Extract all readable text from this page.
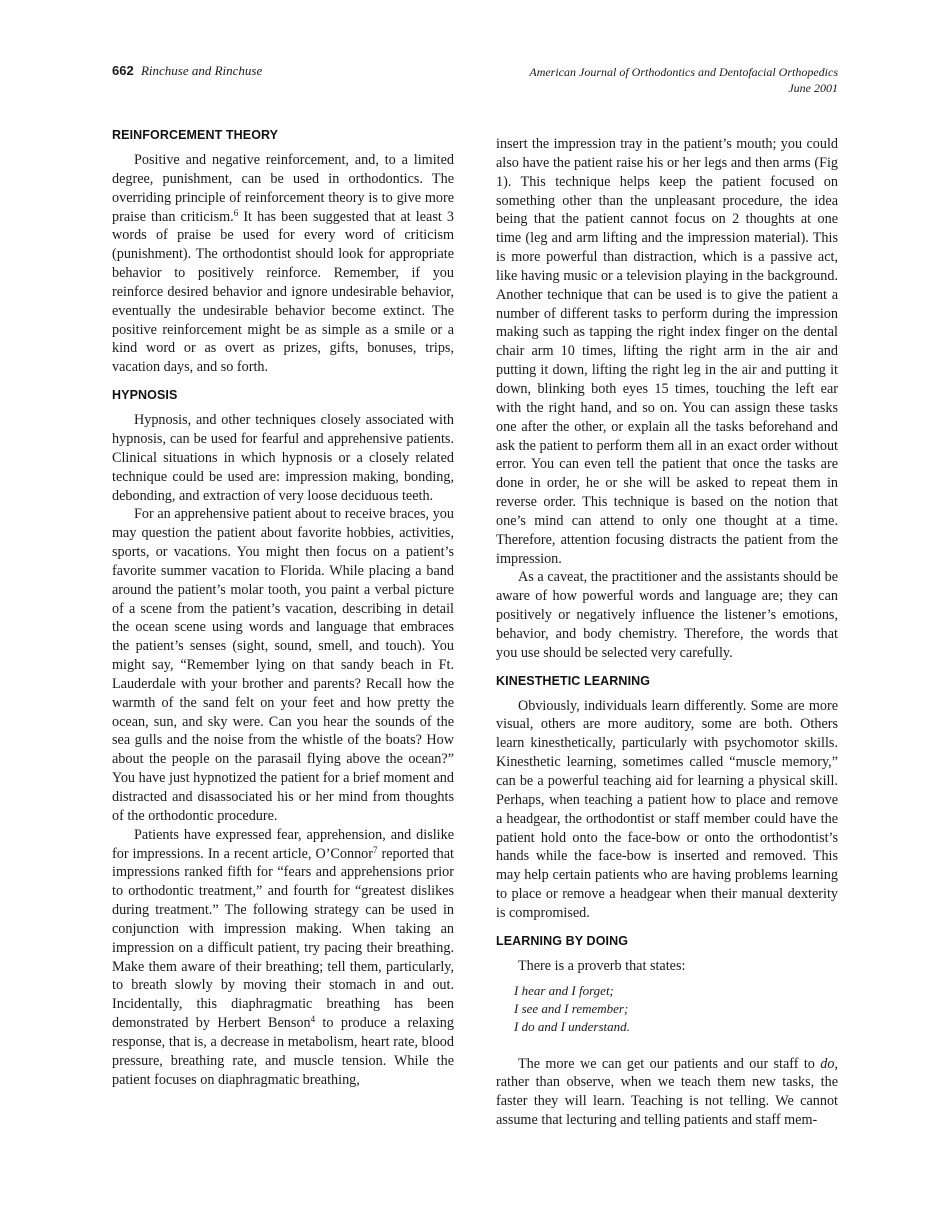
662 Rinchuse and Rinchuse	American Journal of Orthodontics and Dentofacial Orthopedics
June 2001
REINFORCEMENT THEORY

Positive and negative reinforcement, and, to a limited degree, punishment, can be used in orthodontics. The overriding principle of reinforcement theory is to give more praise than criticism.$^6$ It has been suggested that at least 3 words of praise be used for every word of criticism (punishment). The orthodontist should look for appropriate behavior to positively reinforce. Remember, if you reinforce desired behavior and ignore undesirable behavior, eventually the undesirable behavior become extinct. The positive reinforcement might be as simple as a smile or a kind word or as overt as prizes, gifts, bonuses, trips, vacation days, and so forth.

HYPNOSIS

Hypnosis, and other techniques closely associated with hypnosis, can be used for fearful and apprehensive patients. Clinical situations in which hypnosis or a closely related technique could be used are: impression making, bonding, debonding, and extraction of very loose deciduous teeth.

For an apprehensive patient about to receive braces, you may question the patient about favorite hobbies, activities, sports, or vacations. You might then focus on a patient’s favorite summer vacation to Florida. While placing a band around the patient’s molar tooth, you paint a verbal picture of a scene from the patient’s vacation, describing in detail the ocean scene using words and language that embraces the patient’s senses (sight, sound, smell, and touch). You might say, “Remember lying on that sandy beach in Ft. Lauderdale with your brother and parents? Recall how the warmth of the sand felt on your feet and how pretty the ocean, sun, and sky were. Can you hear the sounds of the sea gulls and the noise from the whistle of the boats? How about the people on the parasail flying above the ocean?” You have just hypnotized the patient for a brief moment and distracted and disassociated his or her mind from thoughts of the orthodontic procedure.

Patients have expressed fear, apprehension, and dislike for impressions. In a recent article, O’Connor$^7$ reported that impressions ranked fifth for “fears and apprehensions prior to orthodontic treatment,” and fourth for “greatest dislikes during treatment.” The following strategy can be used in conjunction with impression making. When taking an impression on a difficult patient, try pacing their breathing. Make them aware of their breathing; tell them, particularly, to breath slowly by moving their stomach in and out. Incidentally, this diaphragmatic breathing has been demonstrated by Herbert Benson$^4$ to produce a relaxing response, that is, a decrease in metabolism, heart rate, blood pressure, breathing rate, and muscle tension. While the patient focuses on diaphragmatic breathing,

insert the impression tray in the patient’s mouth; you could also have the patient raise his or her legs and then arms (Fig 1). This technique helps keep the patient focused on something other than the unpleasant procedure, the idea being that the patient cannot focus on 2 thoughts at one time (leg and arm lifting and the impression material). This is more powerful than distraction, which is a passive act, like having music or a television playing in the background. Another technique that can be used is to give the patient a number of different tasks to perform during the impression making such as tapping the right index finger on the dental chair arm 10 times, lifting the right arm in the air and putting it down, lifting the right leg in the air and putting it down, blinking both eyes 15 times, touching the left ear with the right hand, and so on. You can assign these tasks one after the other, or explain all the tasks beforehand and ask the patient to perform them all in an exact order without error. You can even tell the patient that once the tasks are done in order, he or she will be asked to repeat them in reverse order. This technique is based on the notion that one’s mind can attend to only one thought at a time. Therefore, attention focusing distracts the patient from the impression.

As a caveat, the practitioner and the assistants should be aware of how powerful words and language are; they can positively or negatively influence the listener’s emotions, behavior, and body chemistry. Therefore, the words that you use should be selected very carefully.

KINESTHETIC LEARNING

Obviously, individuals learn differently. Some are more visual, others are more auditory, some are both. Others learn kinesthetically, particularly with psychomotor skills. Kinesthetic learning, sometimes called “muscle memory,” can be a powerful teaching aid for learning a physical skill. Perhaps, when teaching a patient how to place and remove a headgear, the orthodontist or staff member could have the patient hold onto the face-bow or onto the orthodontist’s hands while the face-bow is inserted and removed. This may help certain patients who are having problems learning to place or remove a headgear when their manual dexterity is compromised.

LEARNING BY DOING

There is a proverb that states:

I hear and I forget;
I see and I remember;
I do and I understand.

The more we can get our patients and our staff to do, rather than observe, when we teach them new tasks, the faster they will learn. Teaching is not telling. We cannot assume that lecturing and telling patients and staff mem-
